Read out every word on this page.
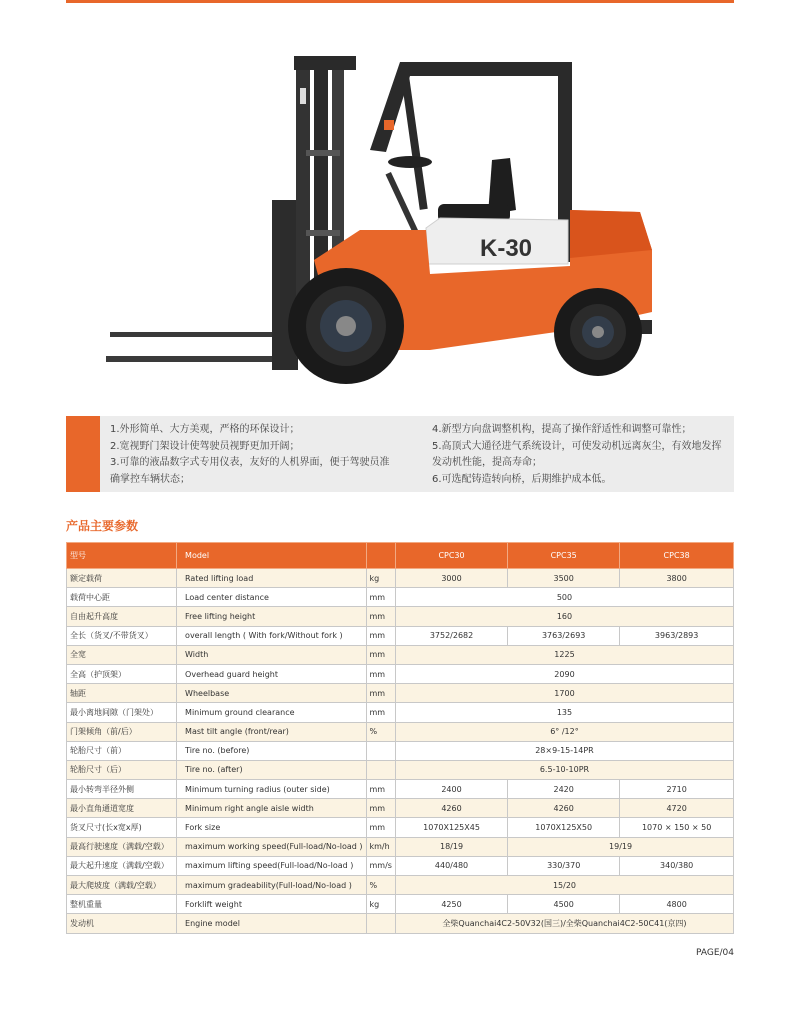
K-30
1.外形简单、大方美观，严格的环保设计；
2.宽视野门架设计使驾驶员视野更加开阔；
3.可靠的液晶数字式专用仪表，友好的人机界面，便于驾驶员准
确掌控车辆状态；
4.新型方向盘调整机构，提高了操作舒适性和调整可靠性；
5.高顶式大通径进气系统设计，可使发动机远离灰尘，有效地发挥
发动机性能，提高寿命；
6.可选配铸造转向桥，后期维护成本低。
产品主要参数
型号	Model		CPC30	CPC35	CPC38
额定载荷	Rated lifting load	kg	3000	3500	3800
载荷中心距	Load center distance	mm	500		
自由起升高度	Free lifting height	mm	160		
全长（货叉/不带货叉）	overall length ( With fork/Without fork )	mm	3752/2682	3763/2693	3963/2893
全宽	Width	mm	1225		
全高（护顶架）	Overhead guard height	mm	2090		
轴距	Wheelbase	mm	1700		
最小离地间隙（门架处）	Minimum ground clearance	mm	135		
门架倾角（前/后）	Mast tilt angle (front/rear)	%	6° /12°		
轮胎尺寸（前）	Tire no. (before)		28×9-15-14PR		
轮胎尺寸（后）	Tire no. (after)		6.5-10-10PR		
最小转弯半径外侧	Minimum turning radius (outer side)	mm	2400	2420	2710
最小直角通道宽度	Minimum right angle aisle width	mm	4260	4260	4720
货叉尺寸(长x宽x厚)	Fork size	mm	1070X125X45	1070X125X50	1070 × 150 × 50
最高行驶速度（满载/空载）	maximum working speed(Full-load/No-load )	km/h	18/19	19/19	
最大起升速度（满载/空载）	maximum lifting speed(Full-load/No-load )	mm/s	440/480	330/370	340/380
最大爬坡度（满载/空载）	maximum gradeability(Full-load/No-load )	%	15/20		
整机重量	Forklift weight	kg	4250	4500	4800
发动机	Engine model		全柴Quanchai4C2-50V32(国三)/全柴Quanchai4C2-50C41(京四)		
PAGE/04
